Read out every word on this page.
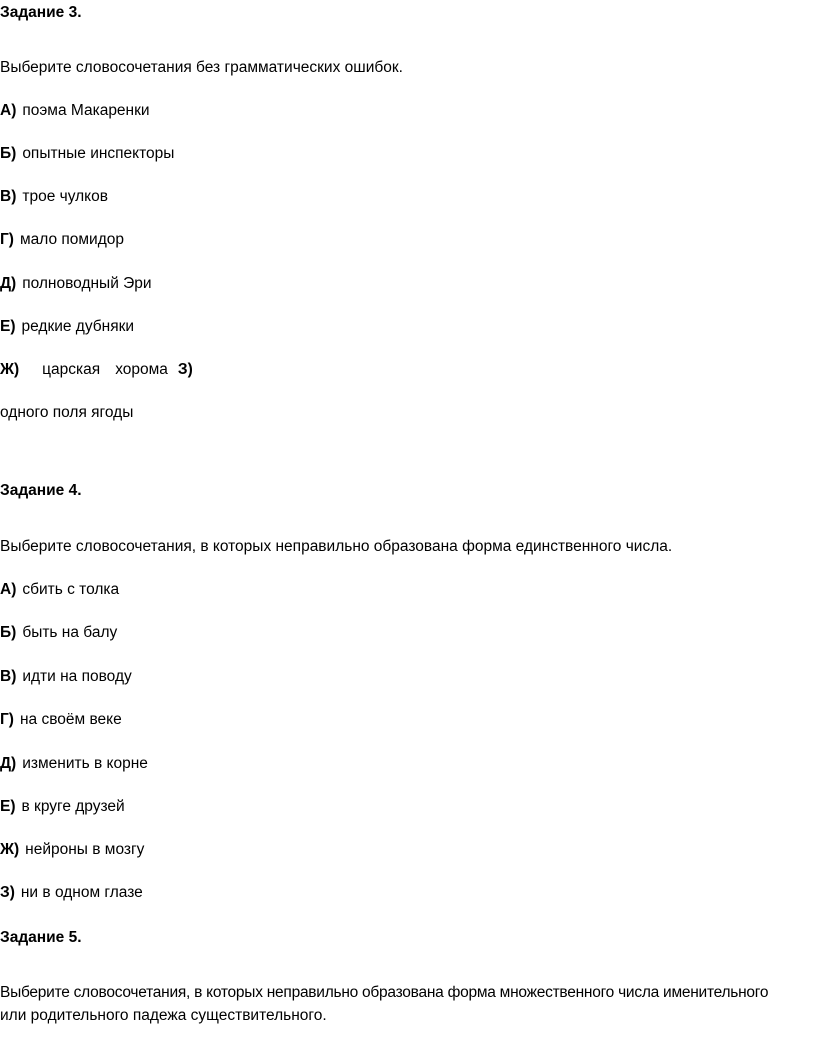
Задание 3.
Выберите словосочетания без грамматических ошибок.
А) поэма Макаренки
Б) опытные инспекторы
В) трое чулков
Г) мало помидор
Д) полноводный Эри
Е) редкие дубняки
Ж) царская хорома З)
одного поля ягоды
Задание 4.
Выберите словосочетания, в которых неправильно образована форма единственного числа.
А) сбить с толка
Б) быть на балу
В) идти на поводу
Г) на своём веке
Д) изменить в корне
Е) в круге друзей
Ж) нейроны в мозгу
З) ни в одном глазе
Задание 5.
Выберите словосочетания, в которых неправильно образована форма множественного числа именительного
или родительного падежа существительного.
